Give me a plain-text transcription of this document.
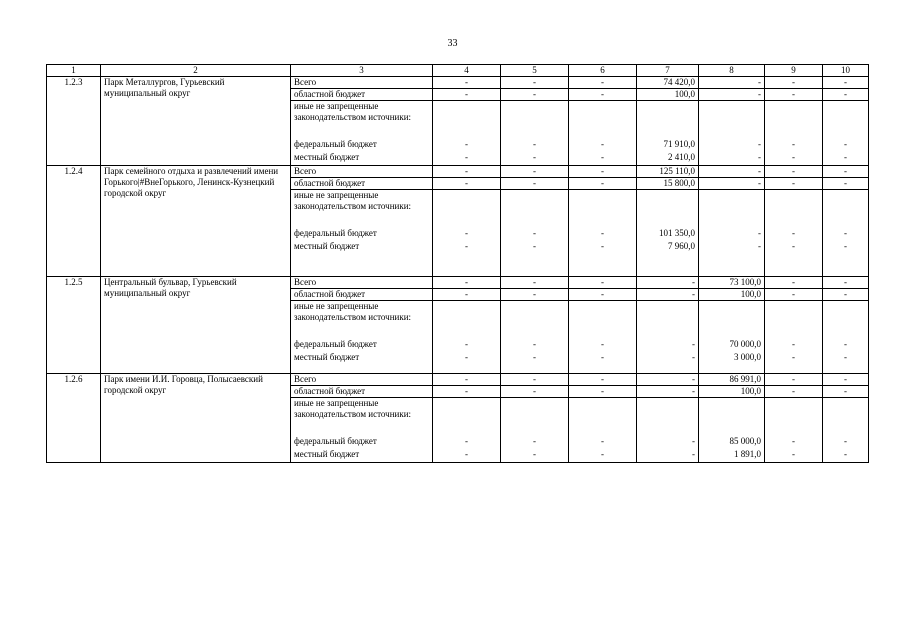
33
1	2	3	4	5	6	7	8	9	10
1.2.3	Парк Металлургов, Гурьевский муниципальный округ	Всего	-	-	-	74 420,0	-	-	-
		областной бюджет	-	-	-	100,0	-	-	-
		иные не запрещенные законодательством источники:							
		федеральный бюджет	-	-	-	71 910,0	-	-	-
		местный бюджет	-	-	-	2 410,0	-	-	-
1.2.4	Парк семейного отдыха и развлечений имени Горького|#ВнеГорького, Ленинск-Кузнецкий городской округ	Всего	-	-	-	125 110,0	-	-	-
		областной бюджет	-	-	-	15 800,0	-	-	-
		иные не запрещенные законодательством источники:							
		федеральный бюджет	-	-	-	101 350,0	-	-	-
		местный бюджет	-	-	-	7 960,0	-	-	-
1.2.5	Центральный бульвар, Гурьевский муниципальный округ	Всего	-	-	-	-	73 100,0	-	-
		областной бюджет	-	-	-	-	100,0	-	-
		иные не запрещенные законодательством источники:							
		федеральный бюджет	-	-	-	-	70 000,0	-	-
		местный бюджет	-	-	-	-	3 000,0	-	-
1.2.6	Парк имени И.И. Горовца, Полысаевский городской округ	Всего	-	-	-	-	86 991,0	-	-
		областной бюджет	-	-	-	-	100,0	-	-
		иные не запрещенные законодательством источники:							
		федеральный бюджет	-	-	-	-	85 000,0	-	-
		местный бюджет	-	-	-	-	1 891,0	-	-
